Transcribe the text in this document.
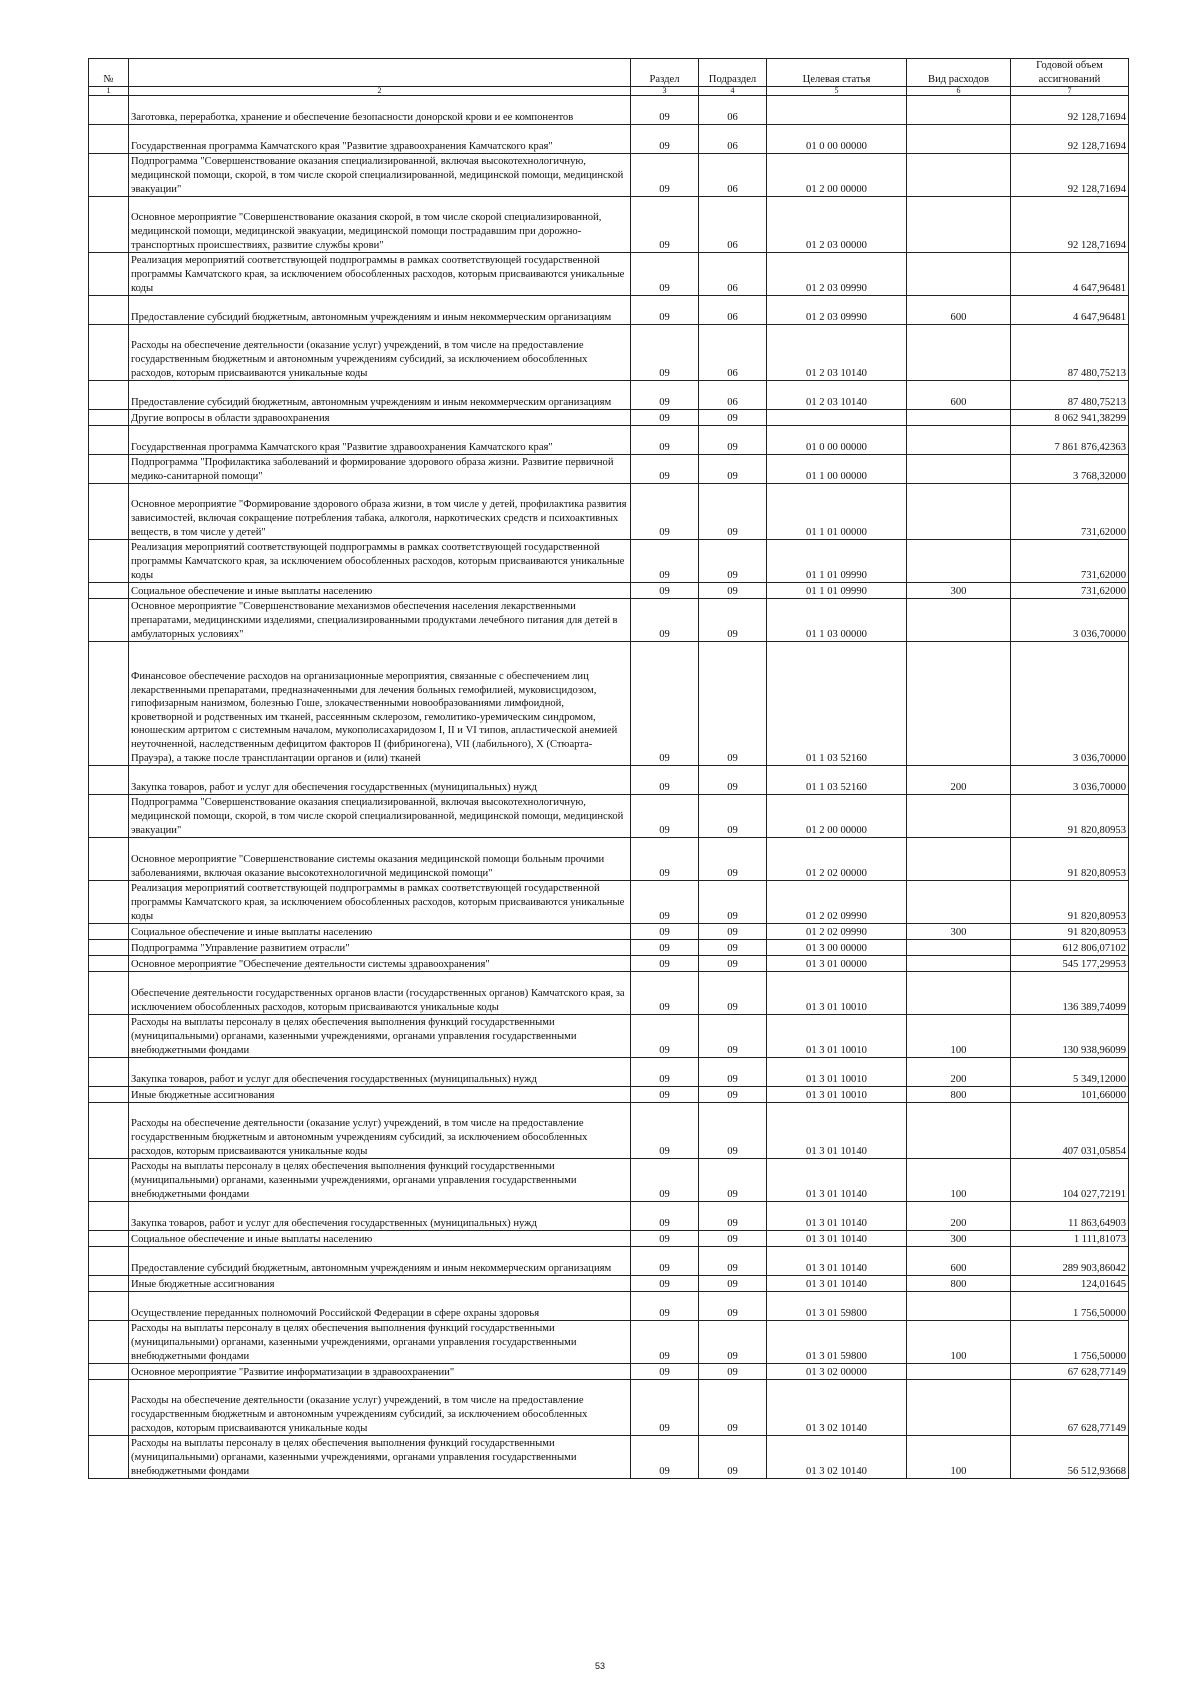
№		Раздел	Подраздел	Целевая статья	Вид расходов	Годовой объем ассигнований
1	2	3	4	5	6	7
	Заготовка, переработка, хранение и обеспечение безопасности донорской крови и ее компонентов	09	06			92 128,71694
	Государственная программа Камчатского края "Развитие здравоохранения Камчатского края"	09	06	01 0 00 00000		92 128,71694
	Подпрограмма "Совершенствование оказания специализированной, включая высокотехнологичную, медицинской помощи, скорой, в том числе скорой специализированной, медицинской помощи, медицинской эвакуации"	09	06	01 2 00 00000		92 128,71694
	Основное мероприятие "Совершенствование оказания скорой, в том числе скорой специализированной, медицинской помощи, медицинской эвакуации, медицинской помощи пострадавшим при дорожно-транспортных происшествиях, развитие службы крови"	09	06	01 2 03 00000		92 128,71694
	Реализация мероприятий соответствующей подпрограммы в рамках соответствующей государственной программы Камчатского края, за исключением обособленных расходов, которым присваиваются уникальные коды	09	06	01 2 03 09990		4 647,96481
	Предоставление субсидий бюджетным, автономным учреждениям и иным некоммерческим организациям	09	06	01 2 03 09990	600	4 647,96481
	Расходы на обеспечение деятельности (оказание услуг) учреждений, в том числе на предоставление государственным бюджетным и автономным учреждениям субсидий, за исключением обособленных расходов, которым присваиваются уникальные коды	09	06	01 2 03 10140		87 480,75213
	Предоставление субсидий бюджетным, автономным учреждениям и иным некоммерческим организациям	09	06	01 2 03 10140	600	87 480,75213
	Другие вопросы в области здравоохранения	09	09			8 062 941,38299
	Государственная программа Камчатского края "Развитие здравоохранения Камчатского края"	09	09	01 0 00 00000		7 861 876,42363
	Подпрограмма "Профилактика заболеваний и формирование здорового образа жизни. Развитие первичной медико-санитарной помощи"	09	09	01 1 00 00000		3 768,32000
	Основное мероприятие "Формирование здорового образа жизни, в том числе у детей, профилактика развития зависимостей, включая сокращение потребления табака, алкоголя, наркотических средств и психоактивных веществ, в том числе у детей"	09	09	01 1 01 00000		731,62000
	Реализация мероприятий соответствующей подпрограммы в рамках соответствующей государственной программы Камчатского края, за исключением обособленных расходов, которым присваиваются уникальные коды	09	09	01 1 01 09990		731,62000
	Социальное обеспечение и иные выплаты населению	09	09	01 1 01 09990	300	731,62000
	Основное мероприятие "Совершенствование механизмов обеспечения населения лекарственными препаратами, медицинскими изделиями, специализированными продуктами лечебного питания для детей в амбулаторных условиях"	09	09	01 1 03 00000		3 036,70000
	Финансовое обеспечение расходов на организационные мероприятия, связанные с обеспечением лиц лекарственными препаратами, предназначенными для лечения больных гемофилией, муковисцидозом, гипофизарным нанизмом, болезнью Гоше, злокачественными новообразованиями лимфоидной, кроветворной и родственных им тканей, рассеянным склерозом, гемолитико-уремическим синдромом, юношеским артритом с системным началом, мукополисахаридозом I, II и VI типов, апластической анемией неуточненной, наследственным дефицитом факторов II (фибриногена), VII (лабильного), X (Стюарта-Прауэра), а также после трансплантации органов и (или) тканей	09	09	01 1 03 52160		3 036,70000
	Закупка товаров, работ и услуг для обеспечения государственных (муниципальных) нужд	09	09	01 1 03 52160	200	3 036,70000
	Подпрограмма "Совершенствование оказания специализированной, включая высокотехнологичную, медицинской помощи, скорой, в том числе скорой специализированной, медицинской помощи, медицинской эвакуации"	09	09	01 2 00 00000		91 820,80953
	Основное мероприятие "Совершенствование системы оказания медицинской помощи больным прочими заболеваниями, включая оказание высокотехнологичной медицинской помощи"	09	09	01 2 02 00000		91 820,80953
	Реализация мероприятий соответствующей подпрограммы в рамках соответствующей государственной программы Камчатского края, за исключением обособленных расходов, которым присваиваются уникальные коды	09	09	01 2 02 09990		91 820,80953
	Социальное обеспечение и иные выплаты населению	09	09	01 2 02 09990	300	91 820,80953
	Подпрограмма "Управление развитием отрасли"	09	09	01 3 00 00000		612 806,07102
	Основное мероприятие "Обеспечение деятельности системы здравоохранения"	09	09	01 3 01 00000		545 177,29953
	Обеспечение деятельности государственных органов власти (государственных органов) Камчатского края, за исключением обособленных расходов, которым присваиваются уникальные коды	09	09	01 3 01 10010		136 389,74099
	Расходы на выплаты персоналу в целях обеспечения выполнения функций государственными (муниципальными) органами, казенными учреждениями, органами управления государственными внебюджетными фондами	09	09	01 3 01 10010	100	130 938,96099
	Закупка товаров, работ и услуг для обеспечения государственных (муниципальных) нужд	09	09	01 3 01 10010	200	5 349,12000
	Иные бюджетные ассигнования	09	09	01 3 01 10010	800	101,66000
	Расходы на обеспечение деятельности (оказание услуг) учреждений, в том числе на предоставление государственным бюджетным и автономным учреждениям субсидий, за исключением обособленных расходов, которым присваиваются уникальные коды	09	09	01 3 01 10140		407 031,05854
	Расходы на выплаты персоналу в целях обеспечения выполнения функций государственными (муниципальными) органами, казенными учреждениями, органами управления государственными внебюджетными фондами	09	09	01 3 01 10140	100	104 027,72191
	Закупка товаров, работ и услуг для обеспечения государственных (муниципальных) нужд	09	09	01 3 01 10140	200	11 863,64903
	Социальное обеспечение и иные выплаты населению	09	09	01 3 01 10140	300	1 111,81073
	Предоставление субсидий бюджетным, автономным учреждениям и иным некоммерческим организациям	09	09	01 3 01 10140	600	289 903,86042
	Иные бюджетные ассигнования	09	09	01 3 01 10140	800	124,01645
	Осуществление переданных полномочий Российской Федерации в сфере охраны здоровья	09	09	01 3 01 59800		1 756,50000
	Расходы на выплаты персоналу в целях обеспечения выполнения функций государственными (муниципальными) органами, казенными учреждениями, органами управления государственными внебюджетными фондами	09	09	01 3 01 59800	100	1 756,50000
	Основное мероприятие "Развитие информатизации в здравоохранении"	09	09	01 3 02 00000		67 628,77149
	Расходы на обеспечение деятельности (оказание услуг) учреждений, в том числе на предоставление государственным бюджетным и автономным учреждениям субсидий, за исключением обособленных расходов, которым присваиваются уникальные коды	09	09	01 3 02 10140		67 628,77149
	Расходы на выплаты персоналу в целях обеспечения выполнения функций государственными (муниципальными) органами, казенными учреждениями, органами управления государственными внебюджетными фондами	09	09	01 3 02 10140	100	56 512,93668
53
